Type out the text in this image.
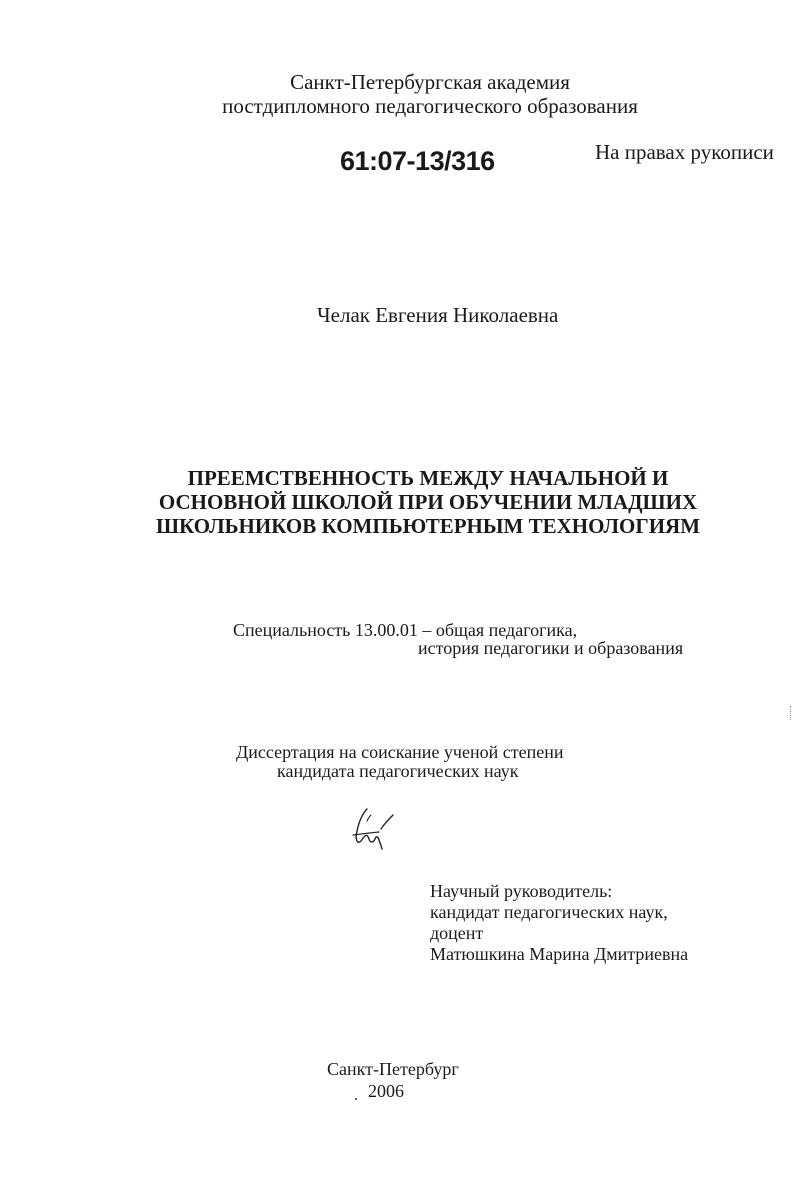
Санкт-Петербургская академия
постдипломного педагогического образования
61:07-13/316	На правах рукописи
Челак Евгения Николаевна
ПРЕЕМСТВЕННОСТЬ МЕЖДУ НАЧАЛЬНОЙ И
ОСНОВНОЙ ШКОЛОЙ ПРИ ОБУЧЕНИИ МЛАДШИХ
ШКОЛЬНИКОВ КОМПЬЮТЕРНЫМ ТЕХНОЛОГИЯМ
Специальность 13.00.01 – общая педагогика,
история педагогики и образования
Диссертация на соискание ученой степени
кандидата педагогических наук
Научный руководитель:
кандидат педагогических наук,
доцент
Матюшкина Марина Дмитриевна
Санкт-Петербург
2006
